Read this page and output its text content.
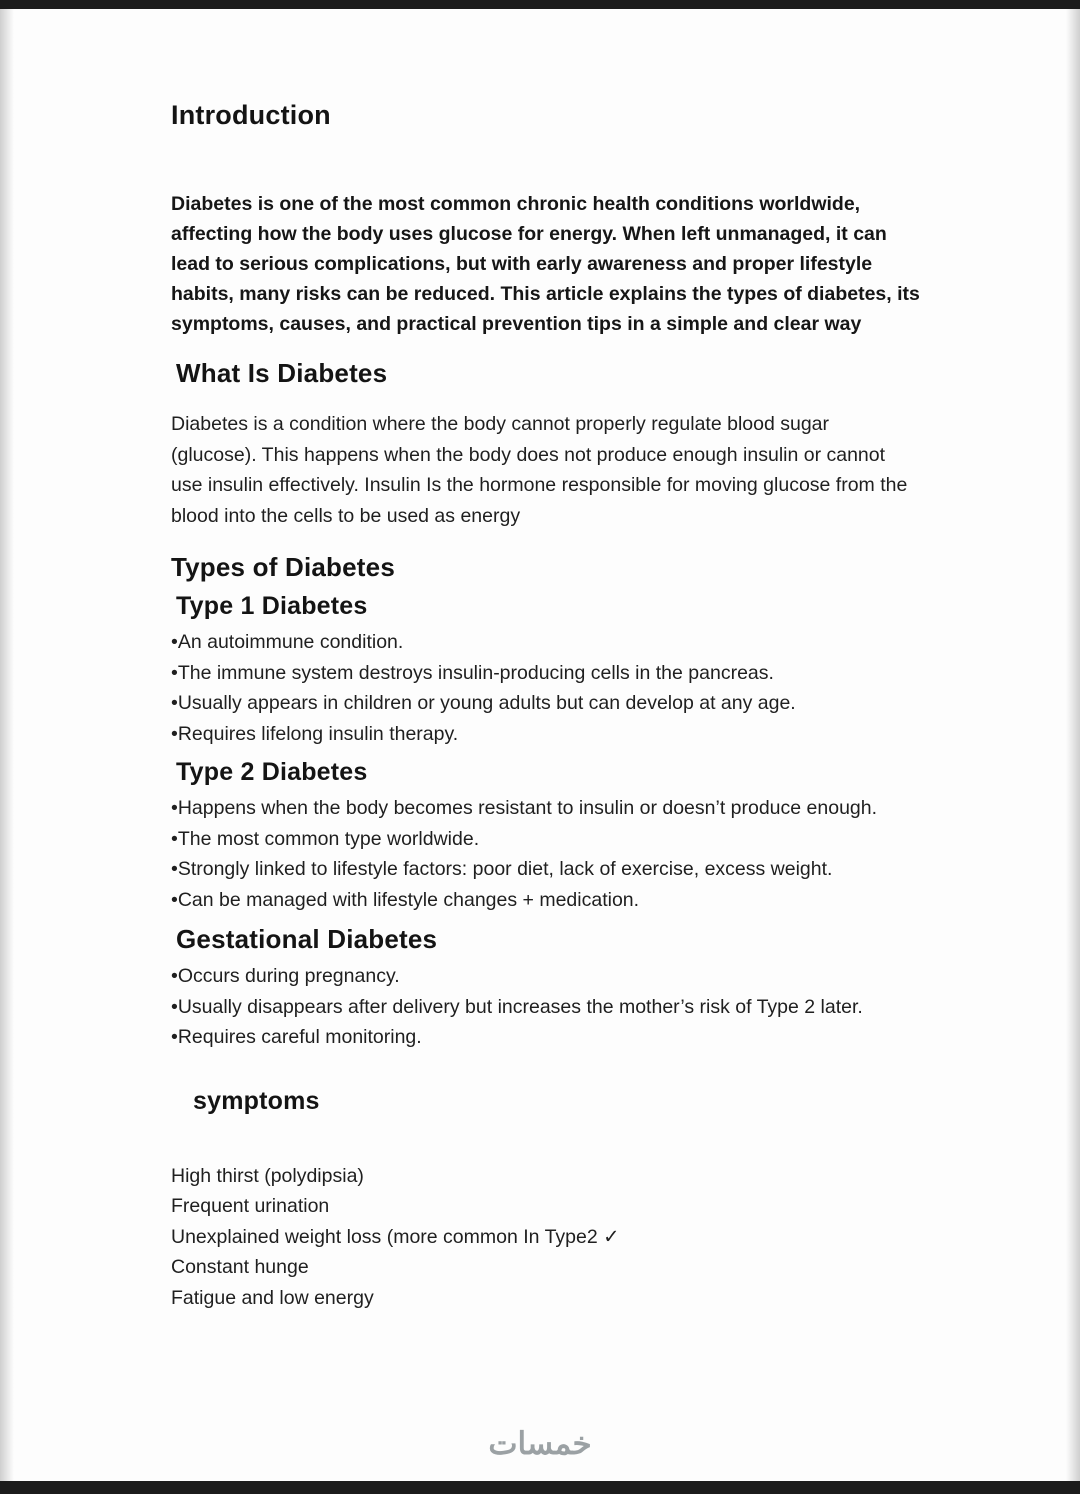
Introduction

Diabetes is one of the most common chronic health conditions worldwide, affecting how the body uses glucose for energy. When left unmanaged, it can lead to serious complications, but with early awareness and proper lifestyle habits, many risks can be reduced. This article explains the types of diabetes, its symptoms, causes, and practical prevention tips in a simple and clear way

What Is Diabetes

Diabetes is a condition where the body cannot properly regulate blood sugar (glucose). This happens when the body does not produce enough insulin or cannot use insulin effectively. Insulin Is the hormone responsible for moving glucose from the blood into the cells to be used as energy

Types of Diabetes
Type 1 Diabetes

• An autoimmune condition.

• The immune system destroys insulin-producing cells in the pancreas.

• Usually appears in children or young adults but can develop at any age.

• Requires lifelong insulin therapy.

Type 2 Diabetes

• Happens when the body becomes resistant to insulin or doesn’t produce enough.

• The most common type worldwide.

• Strongly linked to lifestyle factors: poor diet, lack of exercise, excess weight.

• Can be managed with lifestyle changes + medication.

Gestational Diabetes

• Occurs during pregnancy.

• Usually disappears after delivery but increases the mother’s risk of Type 2 later.

• Requires careful monitoring.

symptoms

High thirst (polydipsia)

Frequent urination

Unexplained weight loss (more common In Type2 ✓

Constant hunge

Fatigue and low energy

خمسات
